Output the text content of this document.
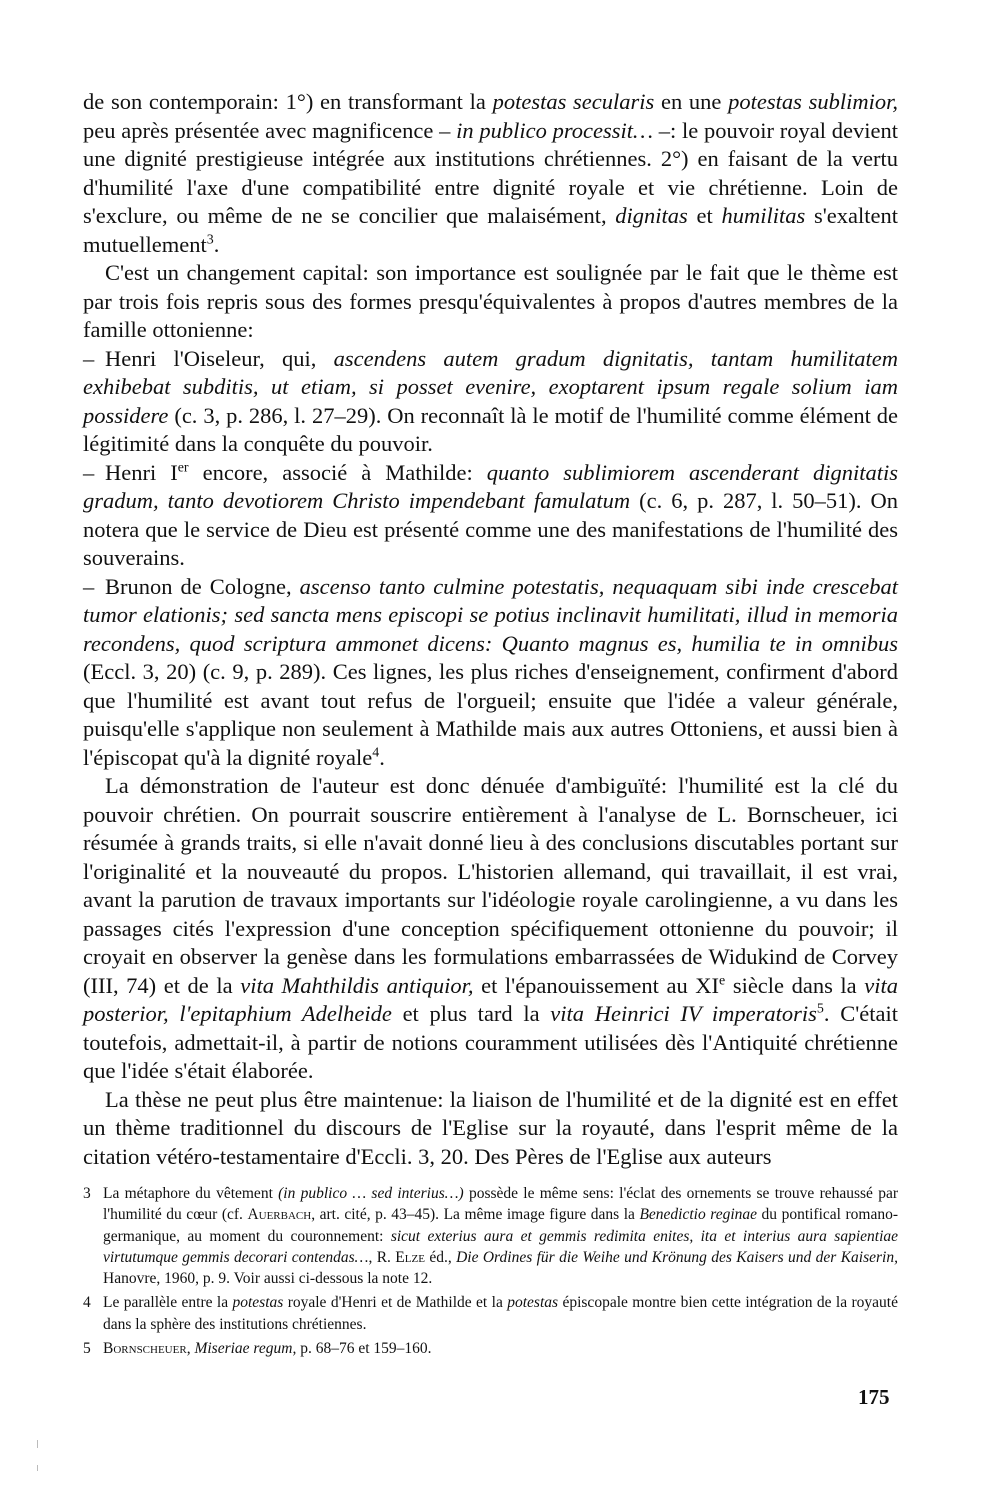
de son contemporain: 1°) en transformant la potestas secularis en une potestas sublimior, peu après présentée avec magnificence – in publico processit… –: le pouvoir royal devient une dignité prestigieuse intégrée aux institutions chrétiennes. 2°) en faisant de la vertu d'humilité l'axe d'une compatibilité entre dignité royale et vie chrétienne. Loin de s'exclure, ou même de ne se concilier que malaisément, dignitas et humilitas s'exaltent mutuellement$^3$.

C'est un changement capital: son importance est soulignée par le fait que le thème est par trois fois repris sous des formes presqu'équivalentes à propos d'autres membres de la famille ottonienne:

– Henri l'Oiseleur, qui, ascendens autem gradum dignitatis, tantam humilitatem exhibebat subditis, ut etiam, si posset evenire, exoptarent ipsum regale solium iam possidere (c. 3, p. 286, l. 27–29). On reconnaît là le motif de l'humilité comme élément de légitimité dans la conquête du pouvoir.

– Henri Ier encore, associé à Mathilde: quanto sublimiorem ascenderant dignitatis gradum, tanto devotiorem Christo impendebant famulatum (c. 6, p. 287, l. 50–51). On notera que le service de Dieu est présenté comme une des manifestations de l'humilité des souverains.

– Brunon de Cologne, ascenso tanto culmine potestatis, nequaquam sibi inde crescebat tumor elationis; sed sancta mens episcopi se potius inclinavit humilitati, illud in memoria recondens, quod scriptura ammonet dicens: Quanto magnus es, humilia te in omnibus (Eccl. 3, 20) (c. 9, p. 289). Ces lignes, les plus riches d'enseignement, confirment d'abord que l'humilité est avant tout refus de l'orgueil; ensuite que l'idée a valeur générale, puisqu'elle s'applique non seulement à Mathilde mais aux autres Ottoniens, et aussi bien à l'épiscopat qu'à la dignité royale$^4$.

La démonstration de l'auteur est donc dénuée d'ambiguïté: l'humilité est la clé du pouvoir chrétien. On pourrait souscrire entièrement à l'analyse de L. Bornscheuer, ici résumée à grands traits, si elle n'avait donné lieu à des conclusions discutables portant sur l'originalité et la nouveauté du propos. L'historien allemand, qui travaillait, il est vrai, avant la parution de travaux importants sur l'idéologie royale carolingienne, a vu dans les passages cités l'expression d'une conception spécifiquement ottonienne du pouvoir; il croyait en observer la genèse dans les formulations embarrassées de Widukind de Corvey (III, 74) et de la vita Mahthildis antiquior, et l'épanouissement au XIe siècle dans la vita posterior, l'epitaphium Adelheide et plus tard la vita Heinrici IV imperatoris$^5$. C'était toutefois, admettait-il, à partir de notions couramment utilisées dès l'Antiquité chrétienne que l'idée s'était élaborée.

La thèse ne peut plus être maintenue: la liaison de l'humilité et de la dignité est en effet un thème traditionnel du discours de l'Eglise sur la royauté, dans l'esprit même de la citation vétéro-testamentaire d'Eccli. 3, 20. Des Pères de l'Eglise aux auteurs

3 La métaphore du vêtement (in publico … sed interius…) possède le même sens: l'éclat des ornements se trouve rehaussé par l'humilité du cœur (cf. Auerbach, art. cité, p. 43–45). La même image figure dans la Benedictio reginae du pontifical romano-germanique, au moment du couronnement: sicut exterius aura et gemmis redimita enites, ita et interius aura sapientiae virtutumque gemmis decorari contendas…, R. Elze éd., Die Ordines für die Weihe und Krönung des Kaisers und der Kaiserin, Hanovre, 1960, p. 9. Voir aussi ci-dessous la note 12.

4 Le parallèle entre la potestas royale d'Henri et de Mathilde et la potestas épiscopale montre bien cette intégration de la royauté dans la sphère des institutions chrétiennes.

5 Bornscheuer, Miseriae regum, p. 68–76 et 159–160.

175
